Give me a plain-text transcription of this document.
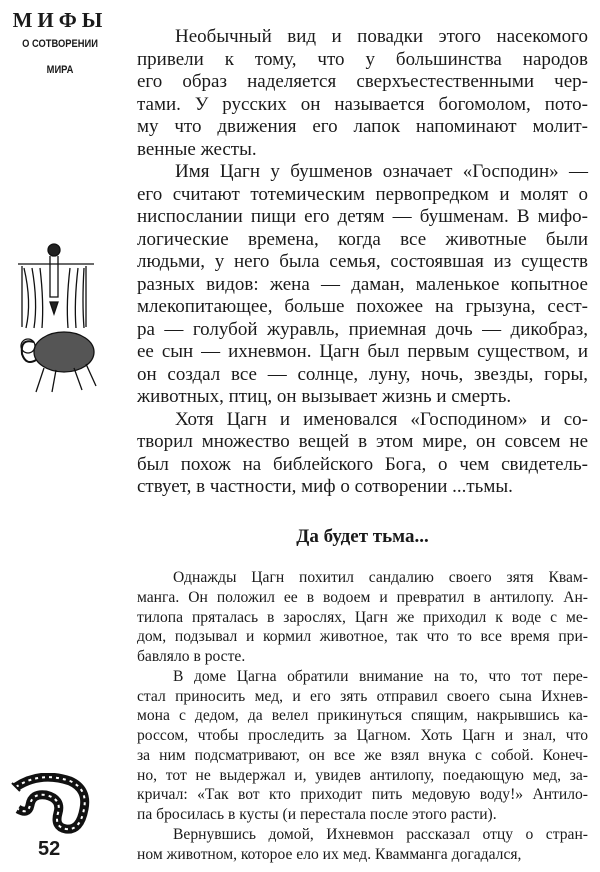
МИФЫ
О СОТВОРЕНИИ
МИРА
Необычный вид и повадки этого насекомого
привели к тому, что у большинства народов
его образ наделяется сверхъестественными чер-
тами. У русских он называется богомолом, пото-
му что движения его лапок напоминают молит-
венные жесты.
Имя Цагн у бушменов означает «Господин» —
его считают тотемическим первопредком и молят о
ниспослании пищи его детям — бушменам. В мифо-
логические времена, когда все животные были
людьми, у него была семья, состоявшая из существ
разных видов: жена — даман, маленькое копытное
млекопитающее, больше похожее на грызуна, сест-
ра — голубой журавль, приемная дочь — дикобраз,
ее сын — ихневмон. Цагн был первым существом, и
он создал все — солнце, луну, ночь, звезды, горы,
животных, птиц, он вызывает жизнь и смерть.
Хотя Цагн и именовался «Господином» и со-
творил множество вещей в этом мире, он совсем не
был похож на библейского Бога, о чем свидетель-
ствует, в частности, миф о сотворении ...тьмы.
Да будет тьма...
Однажды Цагн похитил сандалию своего зятя Квам-
манга. Он положил ее в водоем и превратил в антилопу. Ан-
тилопа пряталась в зарослях, Цагн же приходил к воде с ме-
дом, подзывал и кормил животное, так что то все время при-
бавляло в росте.
В доме Цагна обратили внимание на то, что тот пере-
стал приносить мед, и его зять отправил своего сына Ихнев-
мона с дедом, да велел прикинуться спящим, накрывшись ка-
россом, чтобы проследить за Цагном. Хоть Цагн и знал, что
за ним подсматривают, он все же взял внука с собой. Конеч-
но, тот не выдержал и, увидев антилопу, поедающую мед, за-
кричал: «Так вот кто приходит пить медовую воду!» Антило-
па бросилась в кусты (и перестала после этого расти).
Вернувшись домой, Ихневмон рассказал отцу о стран-
ном животном, которое ело их мед. Квамманга догадался,
52
